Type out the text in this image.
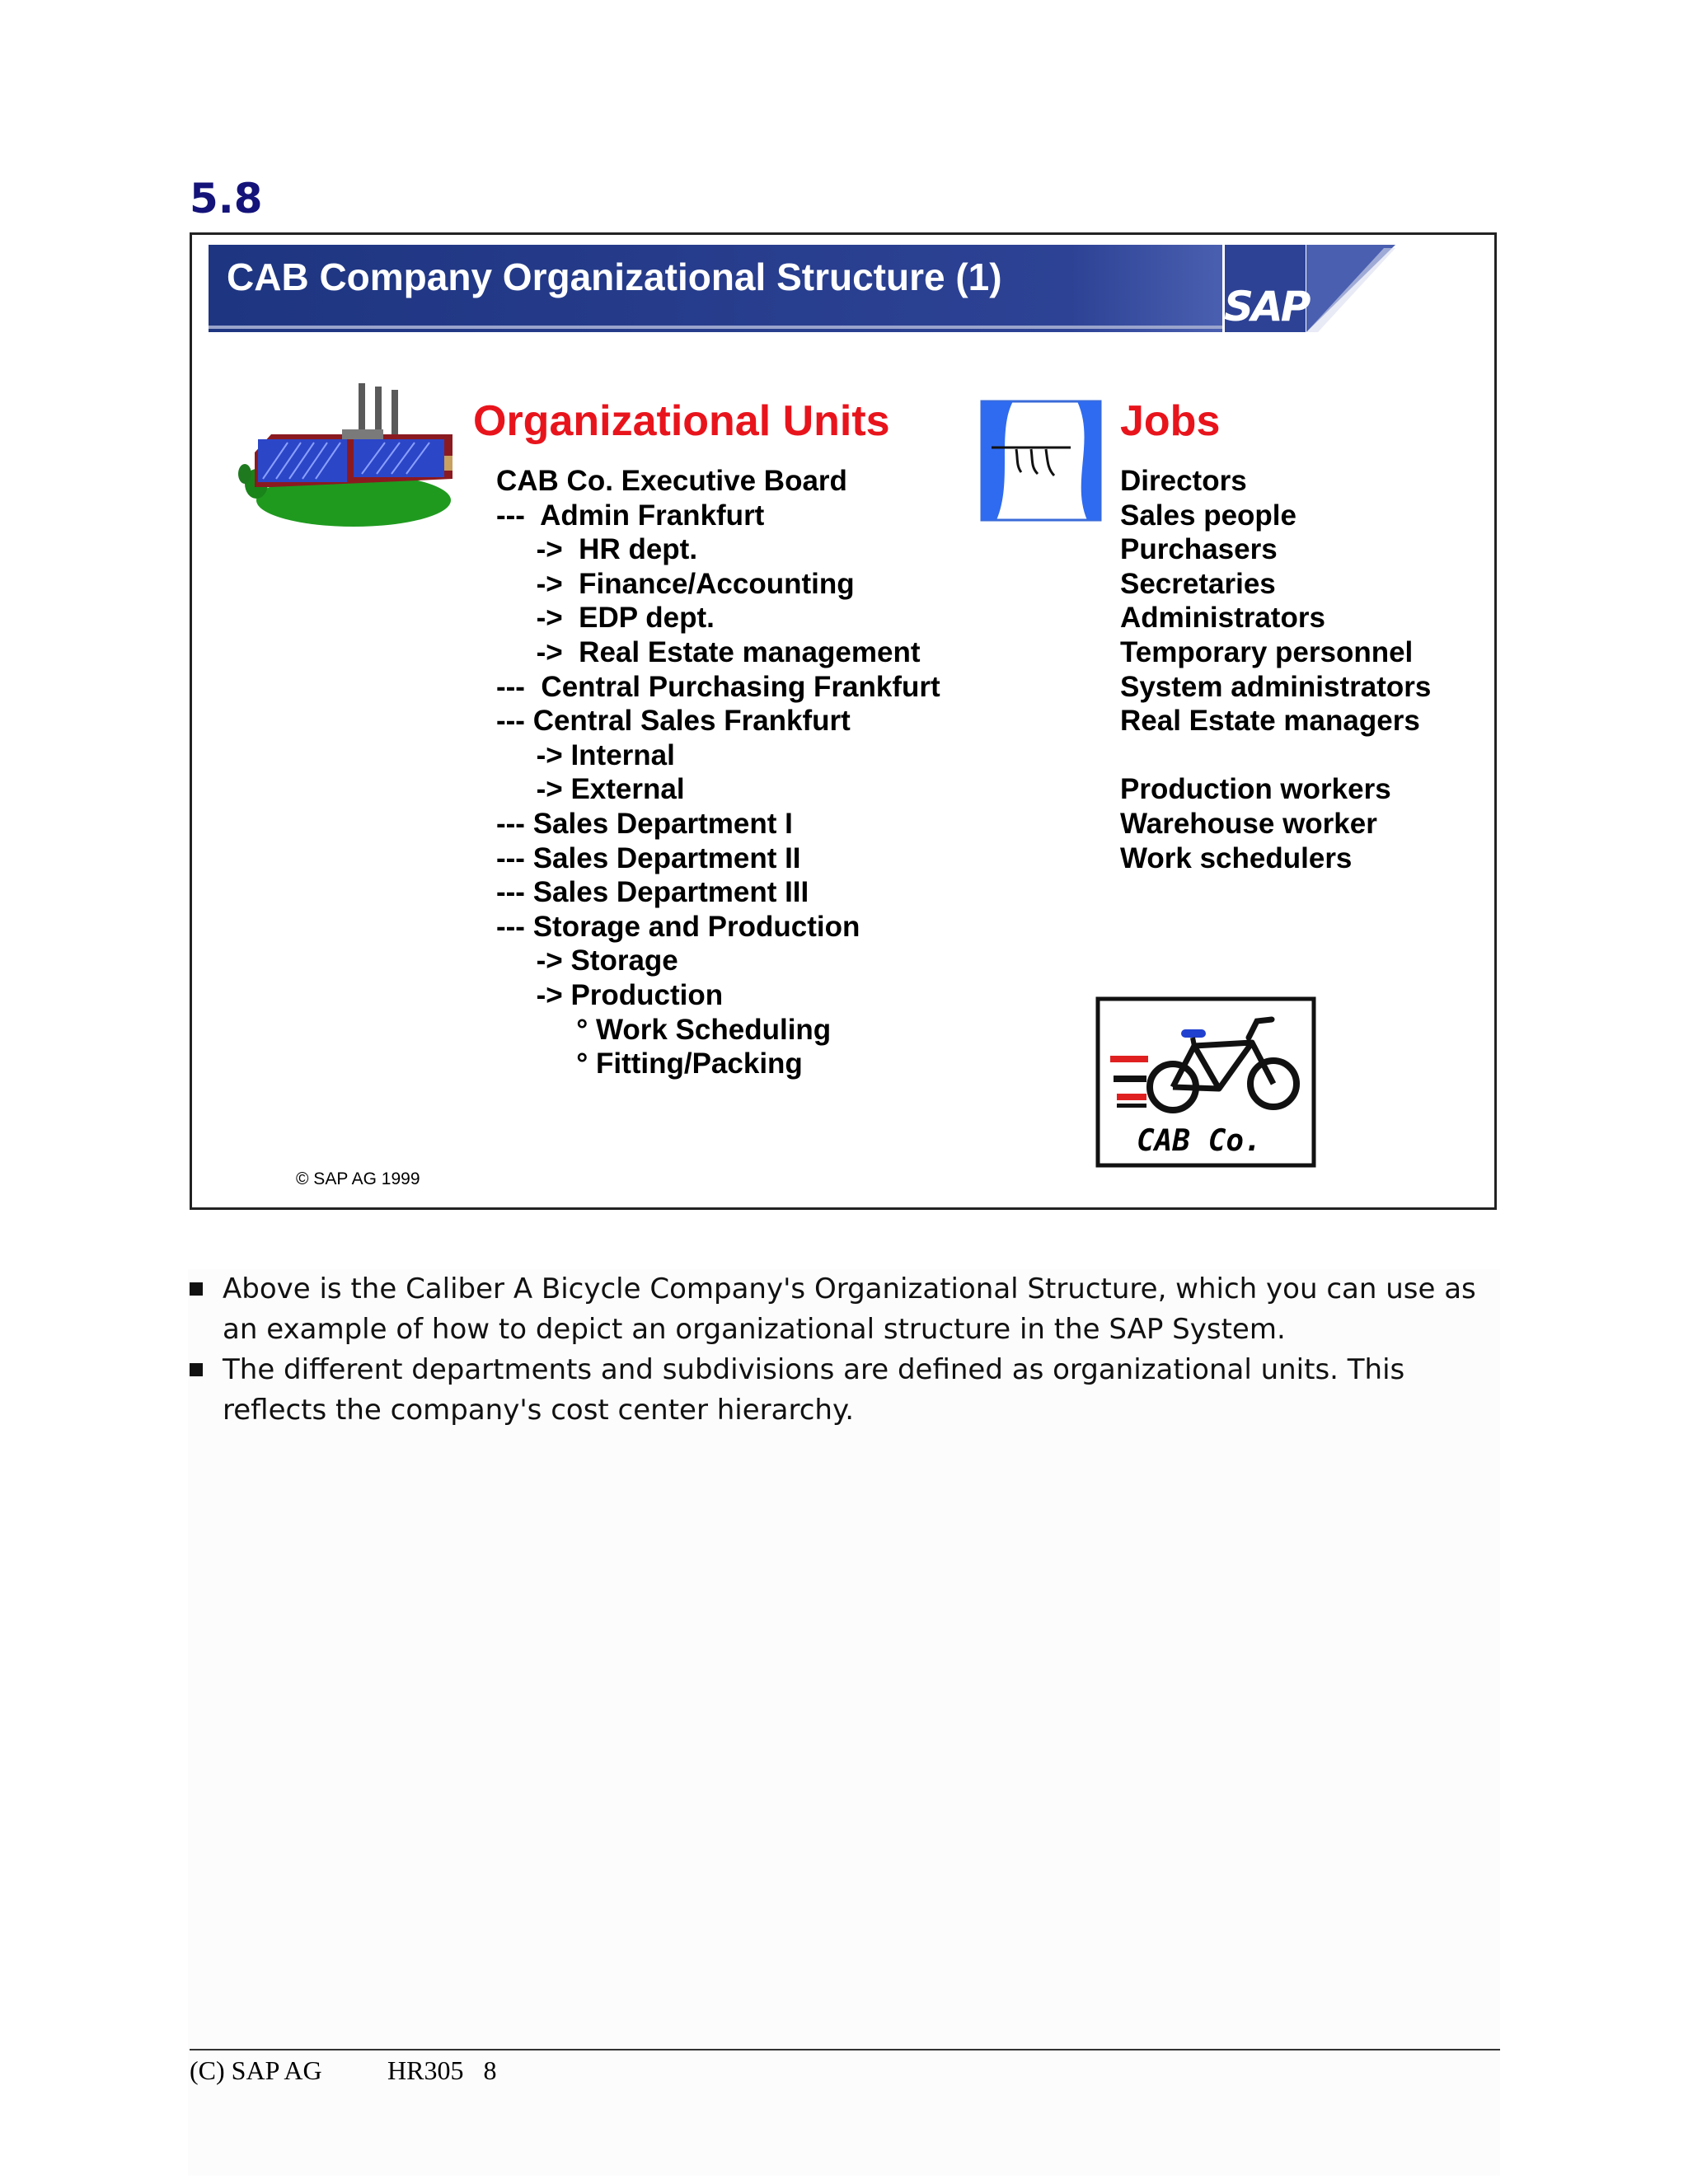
5.8
CAB Company Organizational Structure (1)
SAP
Organizational Units
CAB Co. Executive Board
---  Admin Frankfurt
->  HR dept.
->  Finance/Accounting
->  EDP dept.
->  Real Estate management
---  Central Purchasing Frankfurt
--- Central Sales Frankfurt
-> Internal
-> External
--- Sales Department I
--- Sales Department II
--- Sales Department III
--- Storage and Production
-> Storage
-> Production
° Work Scheduling
° Fitting/Packing
Jobs
Directors
Sales people
Purchasers
Secretaries
Administrators
Temporary personnel
System administrators
Real Estate managers
Production workers
Warehouse worker
Work schedulers
CAB Co.
© SAP AG 1999
Above is the Caliber A Bicycle Company's Organizational Structure, which you can use as an example of how to depict an organizational structure in the SAP System.
The different departments and subdivisions are defined as organizational units. This reflects the company's cost center hierarchy.
(C) SAP AG HR305   8
